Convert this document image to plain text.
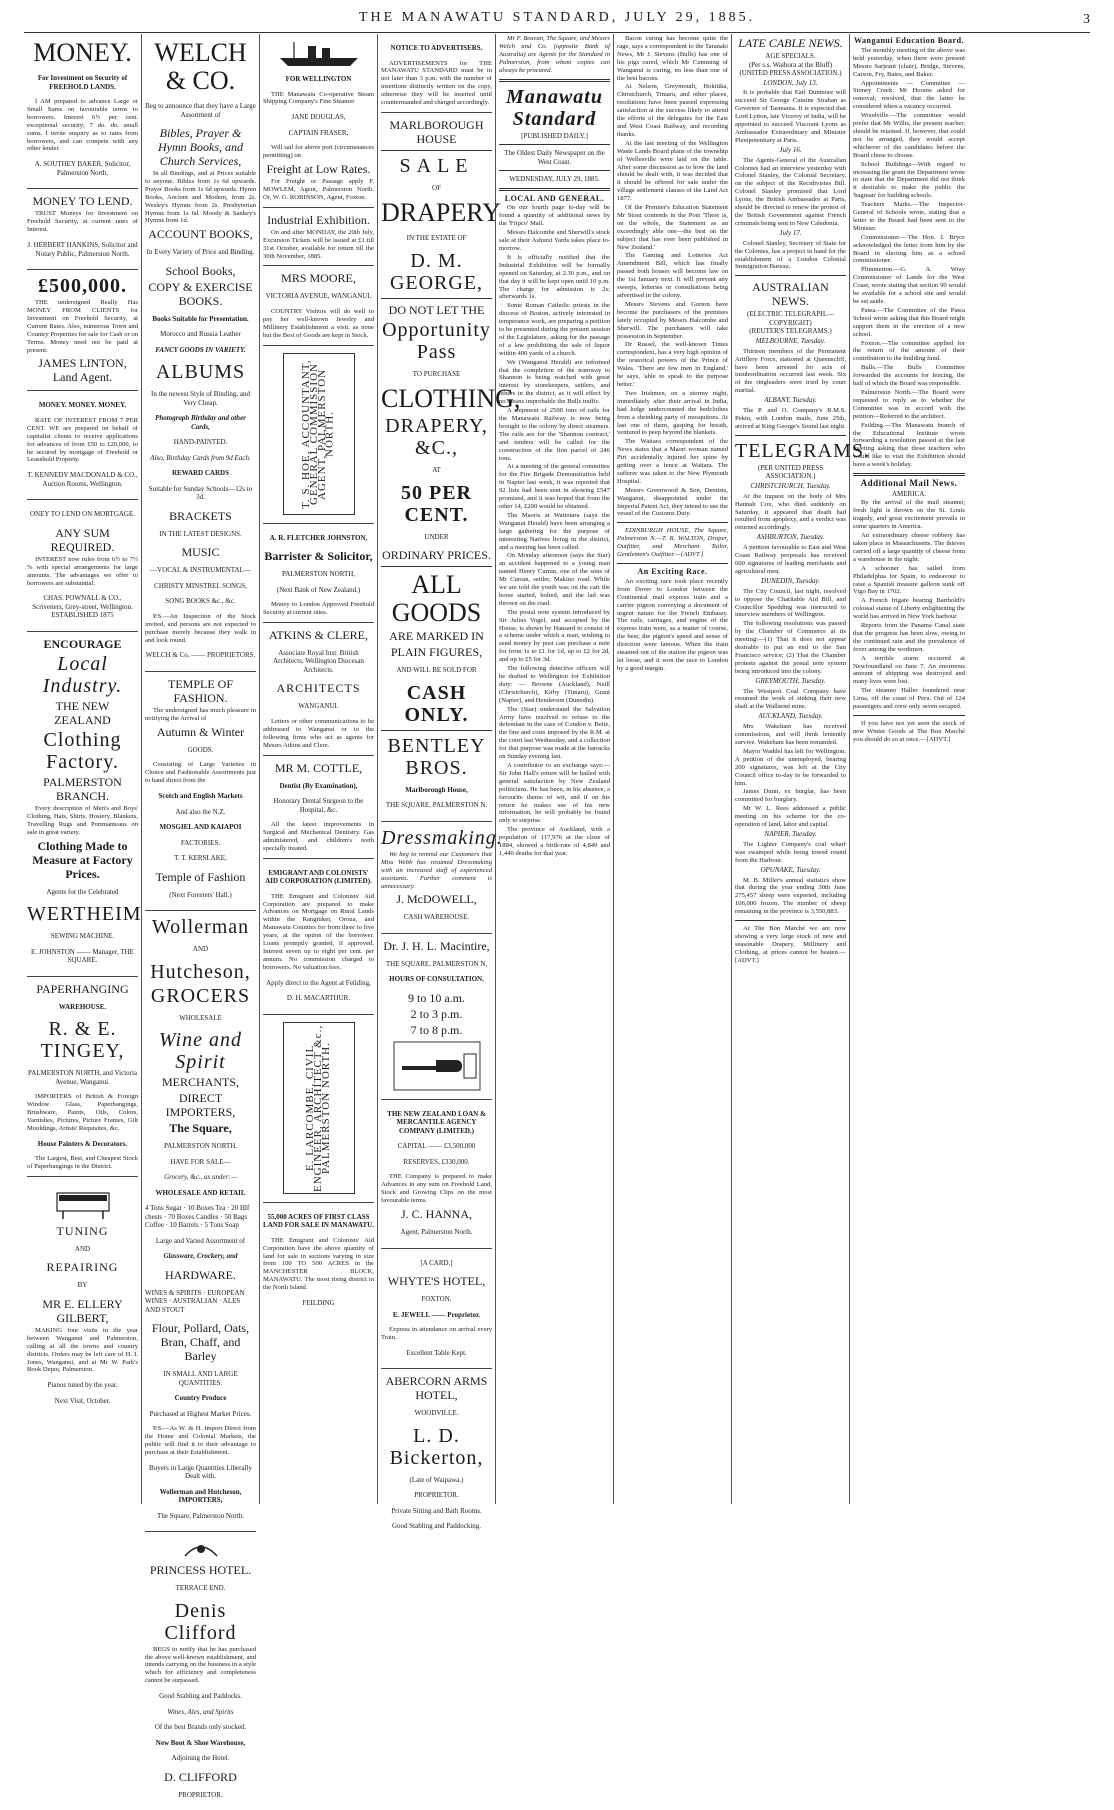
THE MANAWATU STANDARD, JULY 29, 1885.	3

MONEY.

For Investment on Security of FREEHOLD LANDS.

I AM prepared to advance Large or Small Sums on favourable terms to borrowers. Interest 6½ per cent. exceptional security; 7 do. do. small sums. I invite enquiry as to rates from borrowers, and can compete with any other lender.

A. SOUTHEY BAKER, Solicitor, Palmerston North.

MONEY TO LEND.

TRUST Moneys for Investment on Freehold Security, at current rates of Interest.

J. HERBERT HANKINS, Solicitor and Notary Public, Palmerston North.

£500,000.

THE undersigned Really Has MONEY FROM CLIENTS for Investment on Freehold Security, at Current Rates. Also, numerous Town and Country Properties for sale for Cash or on Terms. Money need not be paid at present.

JAMES LINTON, Land Agent.

MONEY. MONEY. MONEY.

RATE OF INTEREST FROM 7 PER CENT. WE are prepared on behalf of capitalist clients to receive applications for advances of from £50 to £20,000, to be secured by mortgage of Freehold or Leasehold Property.

T. KENNEDY MACDONALD & CO., Auction Rooms, Wellington.

ONEY TO LEND ON MORTGAGE.

ANY SUM REQUIRED.

INTEREST now rules from 6½ to 7½ % with special arrangements for large amounts. The advantages we offer to borrowers are substantial.

CHAS. POWNALL & CO., Scriveners, Grey-street, Wellington. ESTABLISHED 1875

ENCOURAGE

Local Industry.

THE NEW ZEALAND

Clothing Factory.

PALMERSTON BRANCH.

Every description of Men's and Boys' Clothing, Hats, Shirts, Hosiery, Blankets, Travelling Rugs and Portmanteaus on sale in great variety.

Clothing Made to Measure at Factory Prices.

Agents for the Celebrated

WERTHEIM

SEWING MACHINE.

E. JOHNSTON —— Manager, THE SQUARE.

PAPERHANGING

WAREHOUSE.

R. & E. TINGEY,

PALMERSTON NORTH, and Victoria Avenue, Wanganui.

IMPORTERS of British & Foreign Window Glass, Paperhangings, Brushware, Paints, Oils, Colors, Varnishes, Pictures, Picture Frames, Gilt Mouldings, Artists' Requisites, &c.

House Painters & Decorators.

The Largest, Best, and Cheapest Stock of Paperhangings in the District.

TUNING

AND

REPAIRING

BY

MR E. ELLERY GILBERT,

MAKING four visits in the year between Wanganui and Palmerston, calling at all the towns and country districts. Orders may be left care of H. I. Jones, Wanganui, and at Mr W. Park's Book Depot, Palmerston.

Pianos tuned by the year.

Next Visit, October.

WELCH & CO.

Beg to announce that they have a Large Assortment of

Bibles, Prayer & Hymn Books, and Church Services,

In all Bindings, and at Prices suitable to anyone. Bibles from 1s 6d upwards. Prayer Books from 1s 6d upwards. Hymn Books, Ancient and Modern, from 2s. Wesley's Hymns from 2s. Presbyterian Hymns from 1s 6d. Moody & Sankey's Hymns from 1d.

ACCOUNT BOOKS,

In Every Variety of Price and Binding.

School Books,

COPY & EXERCISE BOOKS.

Books Suitable for Presentation.

Morocco and Russia Leather

FANCY GOODS IN VARIETY.

ALBUMS

In the newest Style of Binding, and Very Cheap.

Photograph Birthday and other Cards,

HAND-PAINTED.

Also, Birthday Cards from 9d Each.

REWARD CARDS

Suitable for Sunday Schools—12s to 3d.

BRACKETS

IN THE LATEST DESIGNS.

MUSIC

—VOCAL & INSTRUMENTAL—

CHRISTY MINSTREL SONGS,

SONG BOOKS &c., &c.

P.S.—An Inspection of the Stock invited, and persons are not expected to purchase merely because they walk in and look round.

WELCH & Co. —— PROPRIETORS.

TEMPLE OF FASHION.

The undersigned has much pleasure in notifying the Arrival of

Autumn & Winter

GOODS.

Consisting of Large Varieties in Choice and Fashionable Assortments just to hand direct from the

Scotch and English Markets

And also the N.Z.

MOSGIEL AND KAIAPOI

FACTORIES.

T. T. KERSLAKE,

Temple of Fashion

(Next Foresters' Hall.)

Wollerman

AND

Hutcheson,

GROCERS

WHOLESALE

Wine and Spirit

MERCHANTS,

DIRECT IMPORTERS,

The Square,

PALMERSTON NORTH.

HAVE FOR SALE—

Grocery, &c., as under:—

WHOLESALE AND RETAIL

4 Tons Sugar · 10 Boxes Tea · 20 Hlf chests · 70 Boxes Candles · 50 Bags Coffee · 10 Barrels · 5 Tons Soap

Large and Varied Assortment of

Glassware, Crockery, and

HARDWARE.

WINES & SPIRITS · EUROPEAN WINES · AUSTRALIAN · ALES AND STOUT

Flour, Pollard, Oats, Bran, Chaff, and Barley

IN SMALL AND LARGE QUANTITIES.

Country Produce

Purchased at Highest Market Prices.

P.S.—As W. & H. Import Direct from the Home and Colonial Markets, the public will find it to their advantage to purchase at their Establishment.

Buyers in Large Quantities Liberally Dealt with.

Wollerman and Hutcheson, IMPORTERS,

The Square, Palmerston North.

PRINCESS HOTEL.

TERRACE END.

Denis Clifford

BEGS to notify that he has purchased the above well-known establishment, and intends carrying on the business in a style which for efficiency and completeness cannot be surpassed.

Good Stabling and Paddocks.

Wines, Ales, and Spirits

Of the best Brands only stocked.

New Boot & Shoe Warehouse,

Adjoining the Hotel.

D. CLIFFORD

PROPRIETOR.

FOR WELLINGTON

THE Manawatu Co-operative Steam Shipping Company's Fine Steamer

JANE DOUGLAS,

CAPTAIN FRASER,

Will sail for above port (circumstances permitting) on

Freight at Low Rates.

For Freight or Passage apply F. MOWLEM, Agent, Palmerston North. Or, W. G. ROBINSON, Agent, Foxton.

Industrial Exhibition.

On and after MONDAY, the 20th July, Excursion Tickets will be issued at £1 till 31st October, available for return till the 30th November, 1885.

MRS MOORE,

VICTORIA AVENUE, WANGANUI.

COUNTRY Visitors will do well to pay her well-known Jewelry and Millinery Establishment a visit, as none but the Best of Goods are kept in Stock.

T. S. HOE, ACCOUNTANT, GENERAL COMMISSION AGENT, PALMERSTON NORTH.

A. R. FLETCHER JOHNSTON,

Barrister & Solicitor,

PALMERSTON NORTH,

(Next Bank of New Zealand.)

Money to London Approved Freehold Security at current rates.

ATKINS & CLERE,

Associate Royal Inst. British Architects, Wellington Diocesan Architects.

ARCHITECTS

WANGANUI.

Letters or other communications to be addressed to Wanganui or to the following firms who act as agents for Messrs Atkins and Clere.

MR M. COTTLE,

Dentist (By Examination),

Honorary Dental Surgeon to the Hospital, &c.

All the latest improvements in Surgical and Mechanical Dentistry. Gas administered, and children's teeth specially treated.

EMIGRANT AND COLONISTS' AID CORPORATION (LIMITED).

THE Emigrant and Colonists' Aid Corporation are prepared to make Advances on Mortgage on Rural Lands within the Rangitikei, Oroua, and Manawatu Counties for from three to five years, at the option of the borrower. Loans promptly granted, if approved. Interest seven up to eight per cent. per annum. No commission charged to borrowers. No valuation fees.

Apply direct to the Agent at Feilding,

D. H. MACARTHUR.

E. LARCOMBE, CIVIL ENGINEER, ARCHITECT &c., PALMERSTON NORTH.

55,000 ACRES OF FIRST CLASS LAND FOR SALE IN MANAWATU.

THE Emigrant and Colonists' Aid Corporation have the above quantity of land for sale in sections varying in size from 100 TO 500 ACRES in the MANCHESTER BLOCK, MANAWATU. The most rising district in the North Island.

FEILDING

NOTICE TO ADVERTISERS.

ADVERTISEMENTS for THE MANAWATU STANDARD must be in not later than 3 p.m. with the number of insertions distinctly written on the copy, otherwise they will be inserted until countermanded and charged accordingly.

MARLBOROUGH HOUSE

SALE

OF

DRAPERY

IN THE ESTATE OF

D. M. GEORGE,

DO NOT LET THE

Opportunity Pass

TO PURCHASE

CLOTHING,

DRAPERY, &C.,

AT

50 PER CENT.

UNDER

ORDINARY PRICES.

ALL GOODS

ARE MARKED IN

PLAIN FIGURES,

AND WILL BE SOLD FOR

CASH ONLY.

BENTLEY BROS.

Marlborough House,

THE SQUARE, PALMERSTON N.

Dressmaking.

We beg to remind our Customers that Miss Webb has resumed Dressmaking with an increased staff of experienced assistants. Further comment is unnecessary.

J. McDOWELL,

CASH WAREHOUSE.

Dr. J. H. L. Macintire,

THE SQUARE, PALMERSTON N.

HOURS OF CONSULTATION.

9 to 10 a.m.

2 to 3 p.m.

7 to 8 p.m.

THE NEW ZEALAND LOAN & MERCANTILE AGENCY COMPANY (LIMITED.)

CAPITAL —— £3,500,000

RESERVES, £330,000.

THE Company is prepared to make Advances in any sum on Freehold Land, Stock and Growing Clips on the most favourable terms.

J. C. HANNA,

Agent, Palmerston North.

[A CARD.]

WHYTE'S HOTEL,

FOXTON.

E. JEWELL —— Proprietor.

Express in attendance on arrival every Train.

Excellent Table Kept.

ABERCORN ARMS HOTEL,

WOODVILLE.

L. D. Bickerton,

(Late of Waipawa.)

PROPRIETOR.

Private Sitting and Bath Rooms.

Good Stabling and Paddocking.

Mr F. Beavan, The Square, and Messrs Welch and Co. (opposite Bank of Australia) are Agents for the Standard in Palmerston, from whom copies can always be procured.

Manawatu Standard

[PUBLISHED DAILY.]

The Oldest Daily Newspaper on the West Coast.

WEDNESDAY, JULY 29, 1885.

LOCAL AND GENERAL.

On our fourth page to-day will be found a quantity of additional news by the 'Fripco' Mail.

Messrs Halcombe and Sherwill's stock sale at their Ashurst Yards takes place to-morrow.

It is officially notified that the Industrial Exhibition will be formally opened on Saturday, at 2.30 p.m., and on that day it will be kept open until 10 p.m. The charge for admission is 2s; afterwards 1s.

Some Roman Catholic priests in the diocese of Boston, actively interested in temperance work, are preparing a petition to be presented during the present session of the Legislature, asking for the passage of a law prohibiting the sale of liquor within 400 yards of a church.

We (Wanganui Herald) are informed that the completion of the tramway to Shannon is being watched with great interest by storekeepers, settlers, and others in the district, as it will effect by no means improbable the Bulls traffic.

A shipment of 2500 tons of rails for the Manawatu Railway is now being brought to the colony by direct steamers. The rails are for the 'Shannon contract,' and tenders will be called for the construction of the first parcel of 246 tons.

At a meeting of the general committee for the Fire Brigade Demonstration held in Napier last week, it was reported that 92 lists had been sent in showing £547 promised, and it was hoped that from the other 14, £200 would be obtained.

The Maoris at Waitotara (says the Wanganui Herald) have been arranging a large gathering for the purpose of interesting Natives living in the district, and a meeting has been called.

On Monday afternoon (says the Star) an accident happened to a young man named Henry Curran, one of the sons of Mr Curran, settler, Makino road. While we are told the youth was on the cart the horse started, bolted, and the lad was thrown on the road.

The postal note system introduced by Sir Julius Vogel, and accepted by the House, is shown by Hansard to consist of a scheme under which a man, wishing to send money by post can purchase a note for from 1s to £1 for 1d, up to £2 for 2d, and up to £5 for 3d.

The following detective officers will be drafted to Wellington for Exhibition duty: — Browne (Auckland), Neill (Christchurch), Kirby (Timaru), Grant (Napier), and Henderson (Dunedin).

The (Star) understand the Salvation Army have resolved to refuse to the defendant in the case of Condon v. Beitz, the fine and costs imposed by the R.M. at the court last Wednesday, and a collection for that purpose was made at the barracks on Sunday evening last.

A contributor to an exchange says:—Sir John Hall's return will be hailed with general satisfaction by New Zealand politicians. He has been, in his absence, a favourite theme of wit, and if on his return he makes use of his new information, he will probably be found only to surprise.

The province of Auckland, with a population of 117,976 at the close of 1884, showed a birth-rate of 4,849 and 1,440 deaths for that year.

Bacon curing has become quite the rage, says a correspondent to the Taranaki News, Mr J. Stevens (Bulls) has one of his pigs cured, which Mr Cumming of Wanganui is curing, no less than one of the best bacons.

At Nelson, Greymouth, Hokitika, Christchurch, Timaru, and other places, resolutions have been passed expressing satisfaction at the success likely to attend the efforts of the delegates for the East and West Coast Railway, and recording thanks.

At the last meeting of the Wellington Waste Lands Board plans of the township of Wellesville were laid on the table. After some discussion as to how the land should be dealt with, it was decided that it should be offered for sale under the village settlement clauses of the Land Act 1877.

Of the Premier's Education Statement Mr Stout contends in the Post 'There is, on the whole, the Statement as an exceedingly able one—the best on the subject that has ever been published in New Zealand.'

The Gaming and Lotteries Act Amendment Bill, which has finally passed both houses will become law on the 1st January next. It will prevent any sweeps, lotteries or consultations being advertised in the colony.

Messrs Stevens and Gorton have become the purchasers of the premises lately occupied by Messrs Halcombe and Sherwill. The purchasers will take possession in September.

Dr Russel, the well-known Times correspondent, has a very high opinion of the oratorical powers of the Prince of Wales. 'There are few men in England,' he says, 'able to speak to the purpose better.'

Two Irishmen, on a stormy night, immediately after their arrival in India, had lodge undercounted the bedclothes from a shrinking party of mosquitoes. At last one of them, gasping for breath, ventured to peep beyond the blankets.

The Waitara correspondent of the News states that a Maori woman named Piri accidentally injured her spine by getting over a fence at Waitara. The sufferer was taken to the New Plymouth Hospital.

Messrs Greenwood & Son, Dentists, Wanganui, disappointed under the Imperial Patent Act, they intend to use the vessel of the Customs Duty.

EDINBURGH HOUSE, The Square, Palmerston N.—T. R. WALTON, Draper, Outfitter, and Merchant Tailor, Gentlemen's Outfitter.—[ADVT.]

An Exciting Race.

An exciting race took place recently from Dover to London between the Continental mail express train and a carrier pigeon conveying a document of urgent nature for the French Embassy. The rails, carriages, and engine of the express train were, as a matter of course, the best; the pigeon's speed and sense of direction were famous. When the train steamed out of the station the pigeon was let loose, and it won the race to London by a good margin.

LATE CABLE NEWS.

AGE SPECIALS.

(Per s.s. Waihora at the Bluff)

(UNITED PRESS ASSOCIATION.)

LONDON, July 13.

It is probable that Earl Dunmore will succeed Sir George Cumine Strahan as Governor of Tasmania. It is expected that Lord Lytton, late Viceroy of India, will be appointed to succeed Viscount Lyons as Ambassador Extraordinary and Minister Plenipotentiary at Paris.

July 16.

The Agents-General of the Australian Colonies had an interview yesterday with Colonel Stanley, the Colonial Secretary, on the subject of the Recidivistes Bill. Colonel Stanley promised that Lord Lyons, the British Ambassador at Paris, should be directed to renew the protest of the British Government against French criminals being sent to New Caledonia.

July 17.

Colonel Stanley, Secretary of State for the Colonies, has a project in hand for the establishment of a London Colonial Immigration Bureau.

AUSTRALIAN NEWS.

(ELECTRIC TELEGRAPH.—COPYRIGHT)

(REUTER'S TELEGRAMS.)

MELBOURNE, Tuesday.

Thirteen members of the Permanent Artillery Force, stationed at Queenscliff, have been arrested for acts of insubordination occurred last week. Six of the ringleaders were tried by court martial.

ALBANY, Tuesday.

The P. and O. Company's R.M.S. Pekin, with London mails, June 25th, arrived at King George's Sound last night.

TELEGRAMS.

(PER UNITED PRESS ASSOCIATION.)

CHRISTCHURCH, Tuesday.

At the inquest on the body of Mrs Hannah Cox, who died suddenly on Saturday, it appeared that death had resulted from apoplexy, and a verdict was returned accordingly.

ASHBURTON, Tuesday.

A petition favourable to East and West Coast Railway proposals has received 600 signatures of leading merchants and agricultural men.

DUNEDIN, Tuesday.

The City Council, last night, resolved to oppose the Charitable Aid Bill, and Councillor Spedding was instructed to interview members of Wellington.

The following resolutions was passed by the Chamber of Commerce at its meeting:—(1) That it does not appear desirable to put an end to the San Francisco service; (2) That the Chamber protests against the postal note system being introduced into the colony.

GREYMOUTH, Tuesday.

The Westport Coal Company have resumed the work of sinking their new shaft at the Wallsend mine.

AUCKLAND, Tuesday.

Mrs Wakeham has received commissions, and will think leniently survive. Wakeham has been remanded.

Mayor Waddel has left for Wellington. A petition of the unemployed, bearing 200 signatures, was left at the City Council office to-day to be forwarded to him.

James Dunn, ex burglar, has been committed for burglary.

Mr W. L. Rees addressed a public meeting on his scheme for the co-operation of land, labor and capital.

NAPIER, Tuesday.

The Lighter Company's coal wharf was swamped while being towed round from the Harbour.

OPUNAKE, Tuesday.

M. B. Miller's annual statistics show that during the year ending 30th June 275,457 sheep were exported, including 106,000 frozen. The number of sheep remaining in the province is 3,550,883.

At The Bon Marché we are now showing a very large stock of new and seasonable Drapery, Millinery and Clothing, at prices cannot be beaten.—[ADVT.]

Wanganui Education Board.

The monthly meeting of the above was held yesterday, when there were present Messrs Sarjeant (chair), Bridge, Stevens, Carson, Fry, Bates, and Baker.

Appointments — Committee — Stoney Creek: Mr Hoonie asked for removal; resolved, that the latter be considered when a vacancy occurred.

Woodville.—The committee would prefer that Mr Willis, the present teacher, should be retained. If, however, that could not be arranged, they would accept whichever of the candidates before the Board chose to choose.

School Buildings—With regard to increasing the grant the Department wrote to state that the Department did not think it desirable to make the public the 'bagman' for building schools.

Teachers Marks.—The Inspector-General of Schools wrote, stating that a letter to the Board had been sent to the Minister.

Commissioner.—The Hon. J. Bryce acknowledged the letter from him by the Board in electing him as a school commissioner.

Plimmerton.—G. A. Wray Commissioner of Lands for the West Coast, wrote stating that section 90 would be available for a school site and would be set aside.

Patea.—The Committee of the Patea School wrote asking that this Board might support them in the erection of a new school.

Foxton.—The committee applied for the return of the amount of their contribution to the building fund.

Bulls.—The Bulls Committee forwarded the accounts for fencing, the half of which the Board was responsible.

Palmerston North.—The Board were requested to reply as to whether the Committee was in accord with the petition—Referred to the architect.

Feilding.—The Manawatu branch of the Educational Institute wrote forwarding a resolution passed at the last meeting asking that those teachers who would like to visit the Exhibition should have a week's holiday.

Additional Mail News.

AMERICA.

By the arrival of the mail steamer, fresh light is thrown on the St. Louis tragedy, and great excitement prevails in some quarters in America.

An extraordinary cheese robbery has taken place in Massachusetts. The thieves carried off a large quantity of cheese from a warehouse in the night.

A schooner has sailed from Philadelphia for Spain, to endeavour to raise a Spanish treasure galleon sunk off Vigo Bay in 1702.

A French frigate bearing Bartholdi's colossal statue of Liberty enlightening the world has arrived in New York harbour.

Reports from the Panama Canal state that the progress has been slow, owing to the continued rain and the prevalence of fever among the workmen.

A terrible storm occurred at Newfoundland on June 7. An enormous amount of shipping was destroyed and many lives were lost.

The steamer Haller foundered near Lima, off the coast of Peru. Out of 124 passengers and crew only seven escaped.

If you have not yet seen the stock of new Winter Goods at The Bon Marché you should do so at once.—[ADVT.]
